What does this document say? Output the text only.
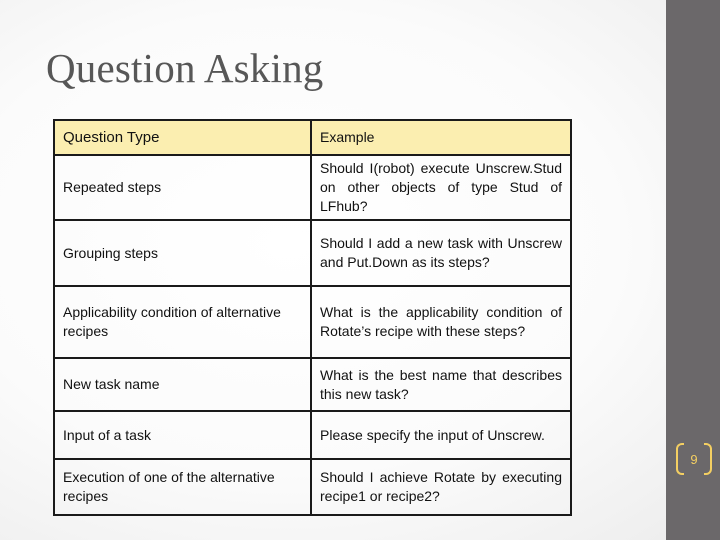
Question Asking
Question Type	Example
Repeated steps	Should I(robot) execute Unscrew.Stud on other objects of type Stud of LFhub?
Grouping steps	Should I add a new task with Unscrew and Put.Down as its steps?
Applicability condition of alternative recipes	What is the applicability condition of Rotate’s recipe with these steps?
New task name	What is the best name that describes this new task?
Input of a task	Please specify the input of Unscrew.
Execution of one of the alternative recipes	Should I achieve Rotate by executing recipe1 or recipe2?
9
